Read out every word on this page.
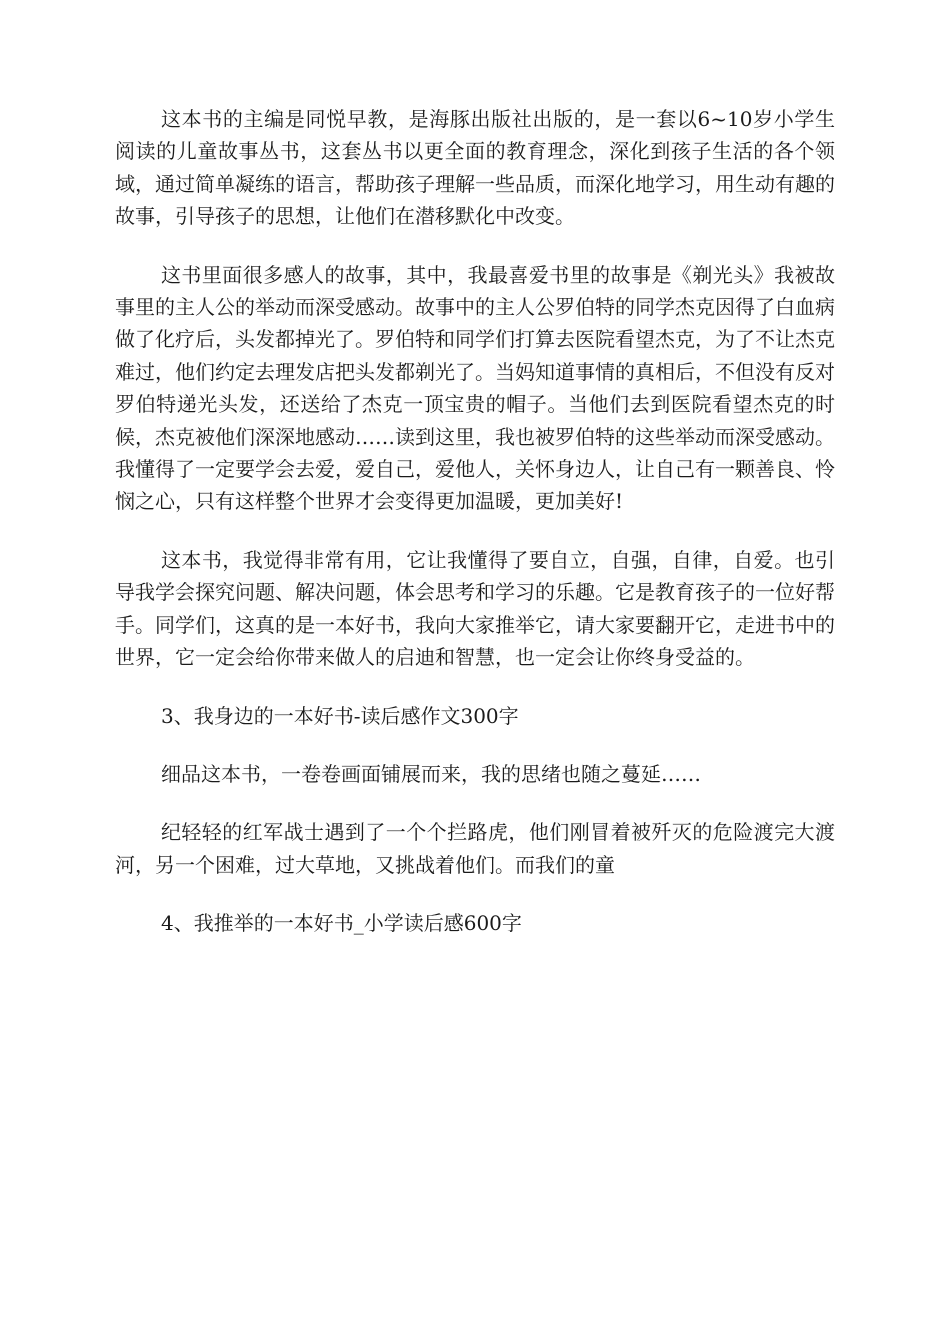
这本书的主编是同悦早教，是海豚出版社出版的，是一套以6~10岁小学生阅读的儿童故事丛书，这套丛书以更全面的教育理念，深化到孩子生活的各个领域，通过简单凝练的语言，帮助孩子理解一些品质，而深化地学习，用生动有趣的故事，引导孩子的思想，让他们在潜移默化中改变。

这书里面很多感人的故事，其中，我最喜爱书里的故事是《剃光头》我被故事里的主人公的举动而深受感动。故事中的主人公罗伯特的同学杰克因得了白血病做了化疗后，头发都掉光了。罗伯特和同学们打算去医院看望杰克，为了不让杰克难过，他们约定去理发店把头发都剃光了。当妈知道事情的真相后，不但没有反对罗伯特递光头发，还送给了杰克一顶宝贵的帽子。当他们去到医院看望杰克的时候，杰克被他们深深地感动……读到这里，我也被罗伯特的这些举动而深受感动。我懂得了一定要学会去爱，爱自己，爱他人，关怀身边人，让自己有一颗善良、怜悯之心，只有这样整个世界才会变得更加温暖，更加美好!

这本书，我觉得非常有用，它让我懂得了要自立，自强，自律，自爱。也引导我学会探究问题、解决问题，体会思考和学习的乐趣。它是教育孩子的一位好帮手。同学们，这真的是一本好书，我向大家推举它，请大家要翻开它，走进书中的世界，它一定会给你带来做人的启迪和智慧，也一定会让你终身受益的。

3、我身边的一本好书-读后感作文300字

细品这本书，一卷卷画面铺展而来，我的思绪也随之蔓延……

纪轻轻的红军战士遇到了一个个拦路虎，他们刚冒着被歼灭的危险渡完大渡河，另一个困难，过大草地，又挑战着他们。而我们的童

4、我推举的一本好书_小学读后感600字
